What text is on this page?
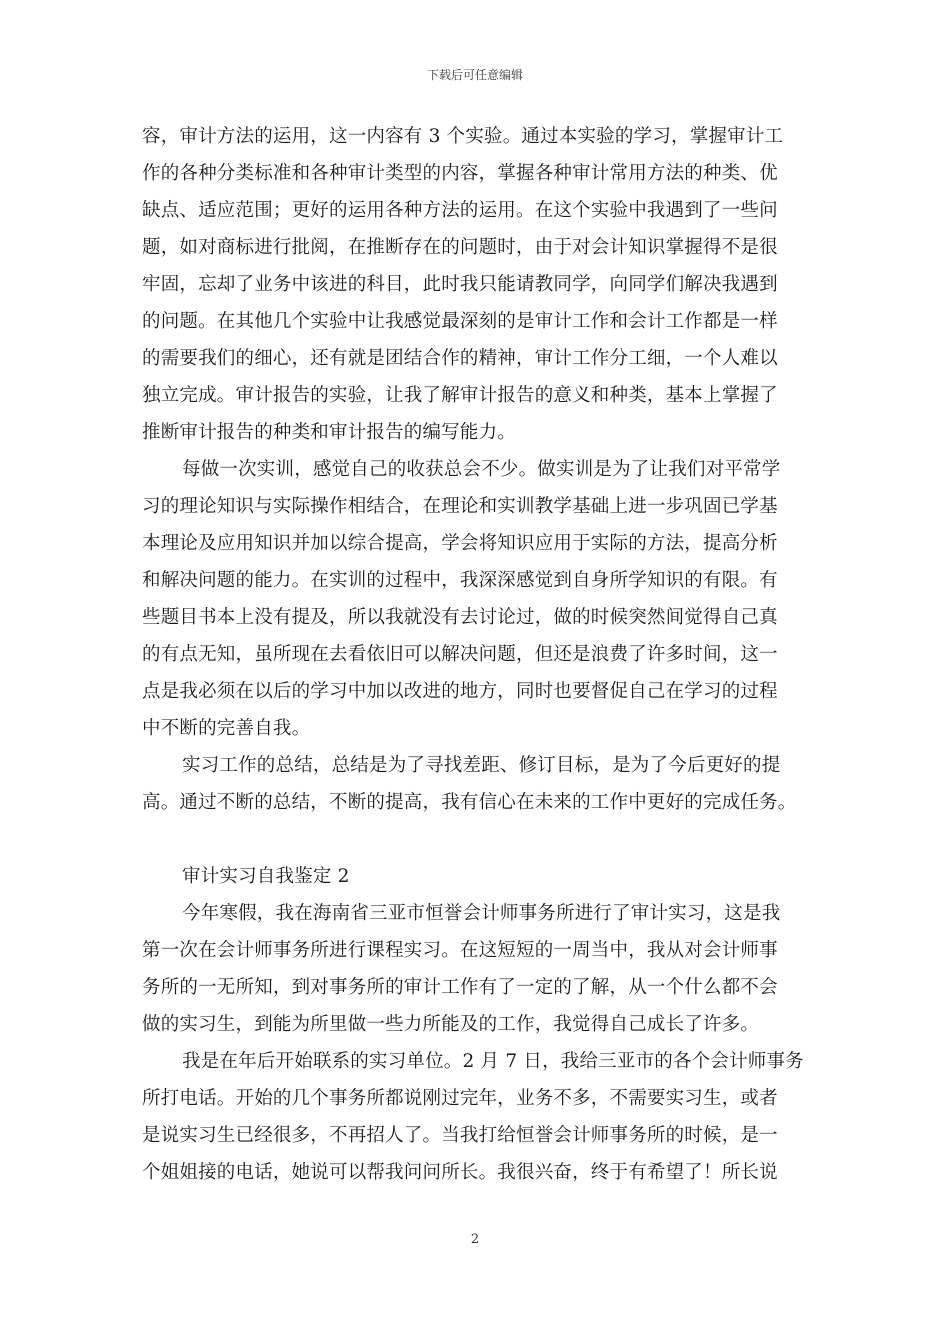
下载后可任意编辑
容，审计方法的运用，这一内容有 3 个实验。通过本实验的学习，掌握审计工
作的各种分类标准和各种审计类型的内容，掌握各种审计常用方法的种类、优
缺点、适应范围；更好的运用各种方法的运用。在这个实验中我遇到了一些问
题，如对商标进行批阅，在推断存在的问题时，由于对会计知识掌握得不是很
牢固，忘却了业务中该进的科目，此时我只能请教同学，向同学们解决我遇到
的问题。在其他几个实验中让我感觉最深刻的是审计工作和会计工作都是一样
的需要我们的细心，还有就是团结合作的精神，审计工作分工细，一个人难以
独立完成。审计报告的实验，让我了解审计报告的意义和种类，基本上掌握了
推断审计报告的种类和审计报告的编写能力。
每做一次实训，感觉自己的收获总会不少。做实训是为了让我们对平常学
习的理论知识与实际操作相结合，在理论和实训教学基础上进一步巩固已学基
本理论及应用知识并加以综合提高，学会将知识应用于实际的方法，提高分析
和解决问题的能力。在实训的过程中，我深深感觉到自身所学知识的有限。有
些题目书本上没有提及，所以我就没有去讨论过，做的时候突然间觉得自己真
的有点无知，虽所现在去看依旧可以解决问题，但还是浪费了许多时间，这一
点是我必须在以后的学习中加以改进的地方，同时也要督促自己在学习的过程
中不断的完善自我。
实习工作的总结，总结是为了寻找差距、修订目标，是为了今后更好的提
高。通过不断的总结，不断的提高，我有信心在未来的工作中更好的完成任务。
审计实习自我鉴定 2
今年寒假，我在海南省三亚市恒誉会计师事务所进行了审计实习，这是我
第一次在会计师事务所进行课程实习。在这短短的一周当中，我从对会计师事
务所的一无所知，到对事务所的审计工作有了一定的了解，从一个什么都不会
做的实习生，到能为所里做一些力所能及的工作，我觉得自己成长了许多。
我是在年后开始联系的实习单位。2 月 7 日，我给三亚市的各个会计师事务
所打电话。开始的几个事务所都说刚过完年，业务不多，不需要实习生，或者
是说实习生已经很多，不再招人了。当我打给恒誉会计师事务所的时候，是一
个姐姐接的电话，她说可以帮我问问所长。我很兴奋，终于有希望了！所长说
2
